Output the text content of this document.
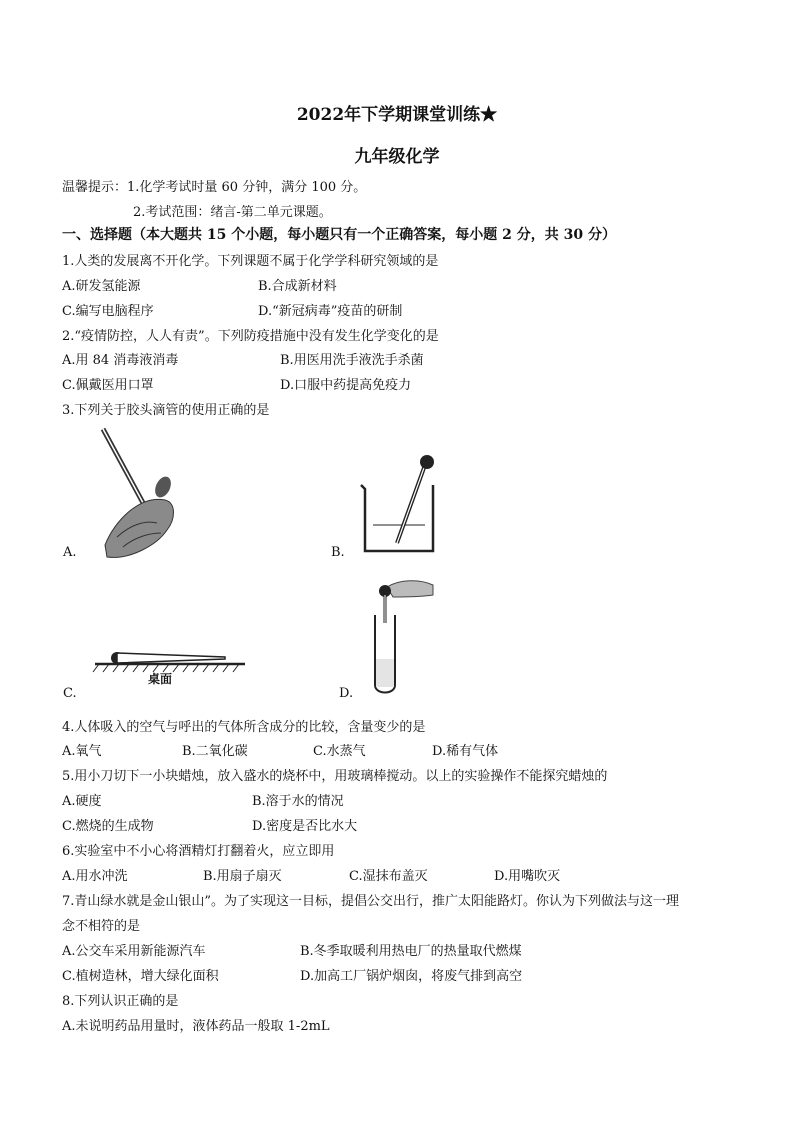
2022年下学期课堂训练★
九年级化学
温馨提示：1.化学考试时量 60 分钟，满分 100 分。
2.考试范围：绪言-第二单元课题。
一、选择题（本大题共 15 个小题，每小题只有一个正确答案，每小题 2 分，共 30 分）
1.人类的发展离不开化学。下列课题不属于化学学科研究领域的是
A.研发氢能源	B.合成新材料
C.编写电脑程序	D.“新冠病毒”疫苗的研制
2.“疫情防控，人人有责”。下列防疫措施中没有发生化学变化的是
A.用 84 消毒液消毒	B.用医用洗手液洗手杀菌
C.佩戴医用口罩	D.口服中药提高免疫力
3.下列关于胶头滴管的使用正确的是
A.	B.
桌面
C.	D.
4.人体吸入的空气与呼出的气体所含成分的比较，含量变少的是
A.氧气	B.二氧化碳	C.水蒸气	D.稀有气体
5.用小刀切下一小块蜡烛，放入盛水的烧杯中，用玻璃棒搅动。以上的实验操作不能探究蜡烛的
A.硬度	B.溶于水的情况
C.燃烧的生成物	D.密度是否比水大
6.实验室中不小心将酒精灯打翻着火，应立即用
A.用水冲洗	B.用扇子扇灭	C.湿抹布盖灭	D.用嘴吹灭
7.青山绿水就是金山银山”。为了实现这一目标，提倡公交出行，推广太阳能路灯。你认为下列做法与这一理
念不相符的是
A.公交车采用新能源汽车	B.冬季取暖利用热电厂的热量取代燃煤
C.植树造林，增大绿化面积	D.加高工厂锅炉烟囱，将废气排到高空
8.下列认识正确的是
A.未说明药品用量时，液体药品一般取 1-2mL
